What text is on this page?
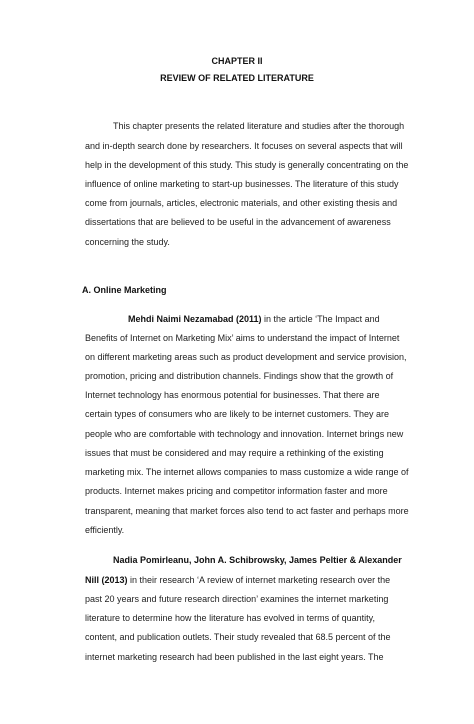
CHAPTER II
REVIEW OF RELATED LITERATURE
This chapter presents the related literature and studies after the thorough
and in-depth search done by researchers. It focuses on several aspects that will
help in the development of this study. This study is generally concentrating on the
influence of online marketing to start-up businesses. The literature of this study
come from journals, articles, electronic materials, and other existing thesis and
dissertations that are believed to be useful in the advancement of awareness
concerning the study.
A. Online Marketing
Mehdi Naimi Nezamabad (2011) in the article ‘The Impact and
Benefits of Internet on Marketing Mix’ aims to understand the impact of Internet
on different marketing areas such as product development and service provision,
promotion, pricing and distribution channels. Findings show that the growth of
Internet technology has enormous potential for businesses. That there are
certain types of consumers who are likely to be internet customers. They are
people who are comfortable with technology and innovation. Internet brings new
issues that must be considered and may require a rethinking of the existing
marketing mix. The internet allows companies to mass customize a wide range of
products. Internet makes pricing and competitor information faster and more
transparent, meaning that market forces also tend to act faster and perhaps more
efficiently.
Nadia Pomirleanu, John A. Schibrowsky, James Peltier & Alexander
Nill (2013) in their research ‘A review of internet marketing research over the
past 20 years and future research direction’ examines the internet marketing
literature to determine how the literature has evolved in terms of quantity,
content, and publication outlets. Their study revealed that 68.5 percent of the
internet marketing research had been published in the last eight years. The
